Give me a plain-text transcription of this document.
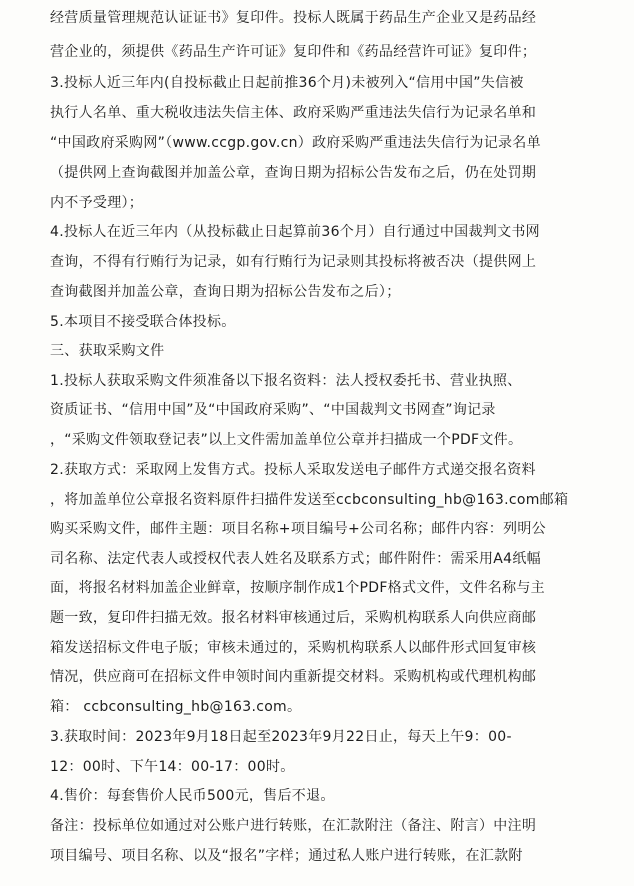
经营质量管理规范认证证书》复印件。投标人既属于药品生产企业又是药品经
营企业的，须提供《药品生产许可证》复印件和《药品经营许可证》复印件；
3.投标人近三年内(自投标截止日起前推36个月)未被列入“信用中国”失信被
执行人名单、重大税收违法失信主体、政府采购严重违法失信行为记录名单和
“中国政府采购网”（www.ccgp.gov.cn）政府采购严重违法失信行为记录名单
（提供网上查询截图并加盖公章，查询日期为招标公告发布之后，仍在处罚期
内不予受理）；
4.投标人在近三年内（从投标截止日起算前36个月）自行通过中国裁判文书网
查询，不得有行贿行为记录，如有行贿行为记录则其投标将被否决（提供网上
查询截图并加盖公章，查询日期为招标公告发布之后）；
5.本项目不接受联合体投标。
三、获取采购文件
1.投标人获取采购文件须准备以下报名资料：法人授权委托书、营业执照、
资质证书、“信用中国”及“中国政府采购”、“中国裁判文书网查”询记录
，“采购文件领取登记表”以上文件需加盖单位公章并扫描成一个PDF文件。
2.获取方式：采取网上发售方式。投标人采取发送电子邮件方式递交报名资料
，将加盖单位公章报名资料原件扫描件发送至ccbconsulting_hb@163.com邮箱
购买采购文件，邮件主题：项目名称+项目编号+公司名称；邮件内容：列明公
司名称、法定代表人或授权代表人姓名及联系方式；邮件附件：需采用A4纸幅
面，将报名材料加盖企业鲜章，按顺序制作成1个PDF格式文件，文件名称与主
题一致，复印件扫描无效。报名材料审核通过后，采购机构联系人向供应商邮
箱发送招标文件电子版；审核未通过的，采购机构联系人以邮件形式回复审核
情况，供应商可在招标文件申领时间内重新提交材料。采购机构或代理机构邮
箱： ccbconsulting_hb@163.com。
3.获取时间：2023年9月18日起至2023年9月22日止，每天上午9：00-
12：00时、下午14：00-17：00时。
4.售价：每套售价人民币500元，售后不退。
备注：投标单位如通过对公账户进行转账，在汇款附注（备注、附言）中注明
项目编号、项目名称、以及“报名”字样；通过私人账户进行转账，在汇款附
